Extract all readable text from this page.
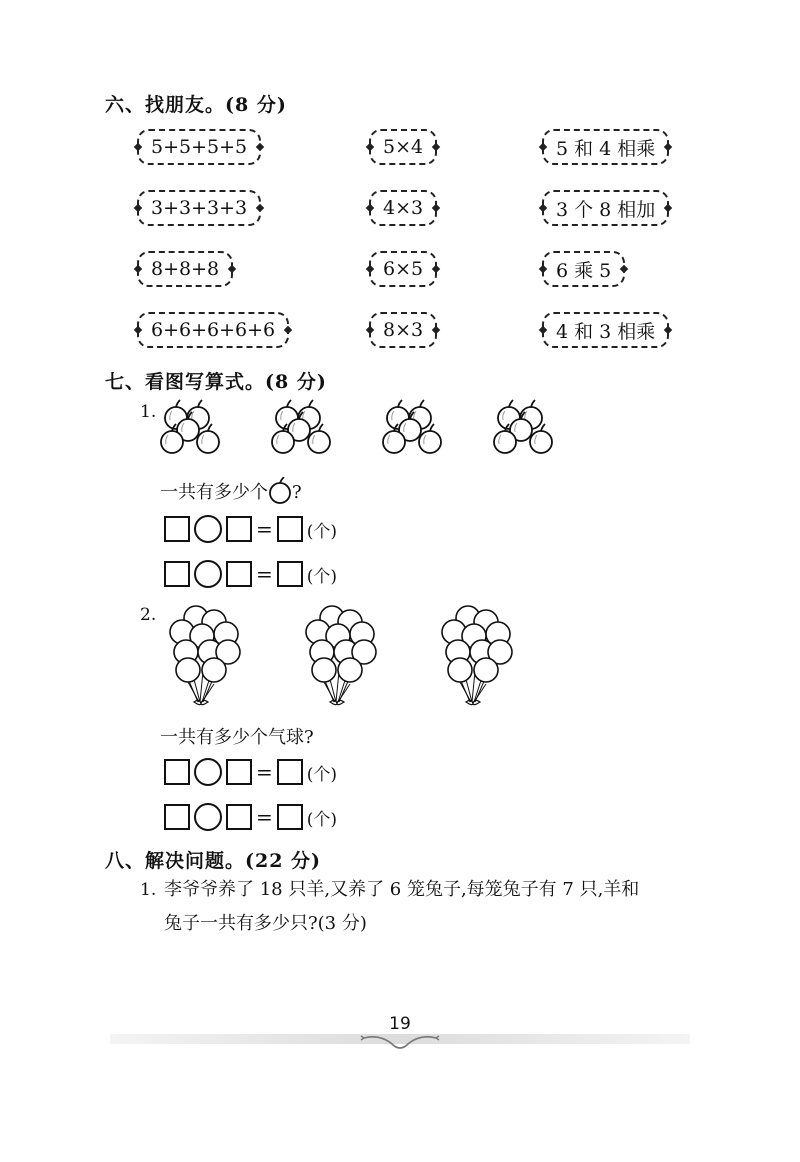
六、找朋友。(8 分)
5+5+5+5
3+3+3+3
8+8+8
6+6+6+6+6
5×4
4×3
6×5
8×3
5 和 4 相乘
3 个 8 相加
6 乘 5
4 和 3 相乘
七、看图写算式。(8 分)
1.
一共有多少个 ?
= (个)
= (个)
2.
一共有多少个气球?
= (个)
= (个)
八、解决问题。(22 分)
1. 李爷爷养了 18 只羊,又养了 6 笼兔子,每笼兔子有 7 只,羊和
兔子一共有多少只?(3 分)
19
